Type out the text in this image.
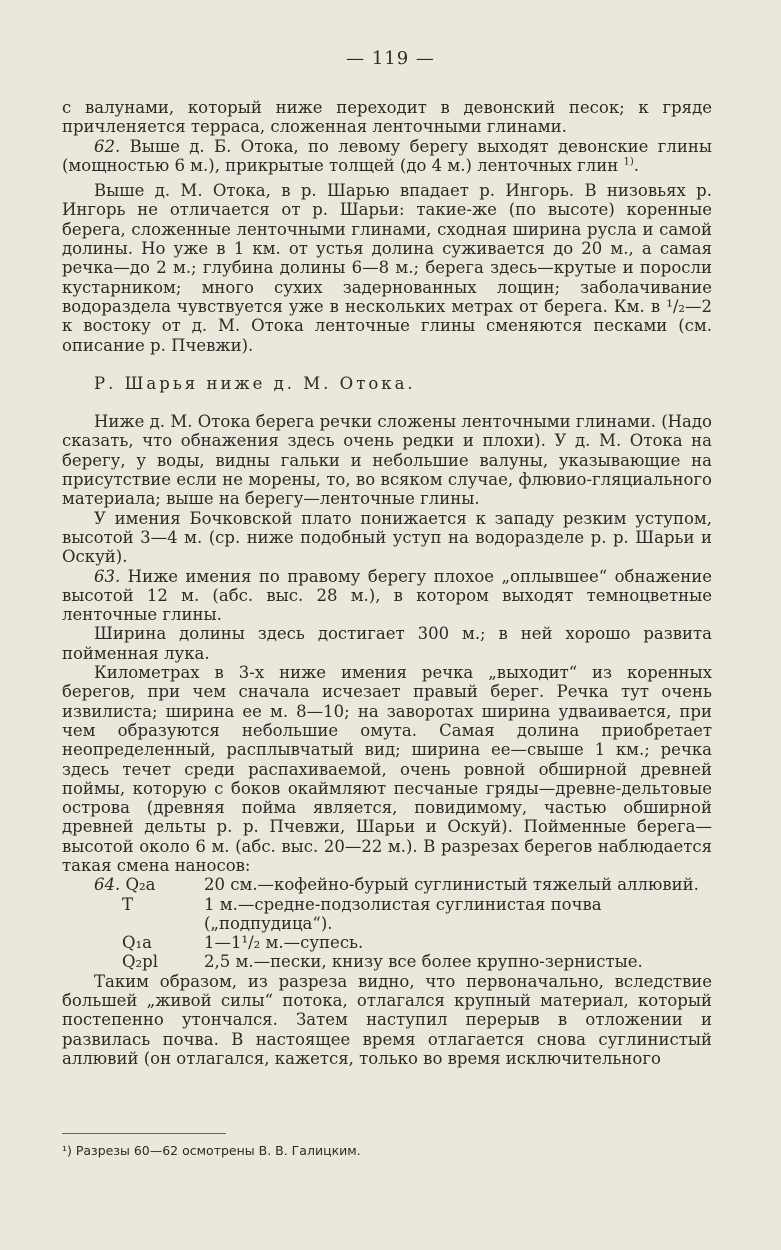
— 119 —

с валунами, который ниже переходит в девонский песок; к гряде причленяется терраса, сложенная ленточными глинами.

62. Выше д. Б. Отока, по левому берегу выходят девонские глины (мощностью 6 м.), прикрытые толщей (до 4 м.) ленточных глин $^{1)}$.

Выше д. М. Отока, в р. Шарью впадает р. Ингорь. В низовьях р. Ингорь не отличается от р. Шарьи: такие-же (по высоте) коренные берега, сложенные ленточными глинами, сходная ширина русла и самой долины. Но уже в 1 км. от устья долина суживается до 20 м., а самая речка—до 2 м.; глубина долины 6—8 м.; берега здесь—крутые и поросли кустарником; много сухих задернованных лощин; заболачивание водораздела чувствуется уже в нескольких метрах от берега. Км. в ¹/₂—2 к востоку от д. М. Отока ленточные глины сменяются песками (см. описание р. Пчевжи).

Р. Шарья ниже д. М. Отока.

Ниже д. М. Отока берега речки сложены ленточными глинами. (Надо сказать, что обнажения здесь очень редки и плохи). У д. М. Отока на берегу, у воды, видны гальки и небольшие валуны, указывающие на присутствие если не морены, то, во всяком случае, флювио-гляциального материала; выше на берегу—ленточные глины.

У имения Бочковской плато понижается к западу резким уступом, высотой 3—4 м. (ср. ниже подобный уступ на водоразделе р. р. Шарьи и Оскуй).

63. Ниже имения по правому берегу плохое „оплывшее“ обнажение высотой 12 м. (абс. выс. 28 м.), в котором выходят темноцветные ленточные глины.

Ширина долины здесь достигает 300 м.; в ней хорошо развита пойменная лука.

Километрах в 3-х ниже имения речка „выходит“ из коренных берегов, при чем сначала исчезает правый берег. Речка тут очень извилиста; ширина ее м. 8—10; на заворотах ширина удваивается, при чем образуются небольшие омута. Самая долина приобретает неопределенный, расплывчатый вид; ширина ее—свыше 1 км.; речка здесь течет среди распахиваемой, очень ровной обширной древней поймы, которую с боков окаймляют песчаные гряды—древне-дельтовые острова (древняя пойма является, повидимому, частью обширной древней дельты р. р. Пчевжи, Шарьи и Оскуй). Пойменные берега—высотой около 6 м. (абс. выс. 20—22 м.). В разрезах берегов наблюдается такая смена наносов:

64. Q₂a	20 см.—кофейно-бурый суглинистый тяжелый аллювий.
T	1 м.—средне-подзолистая суглинистая почва („подпудица“).
Q₁a	1—1¹/₂ м.—супесь.
Q₂pl	2,5 м.—пески, книзу все более крупно-зернистые.

Таким образом, из разреза видно, что первоначально, вследствие большей „живой силы“ потока, отлагался крупный материал, который постепенно утончался. Затем наступил перерыв в отложении и развилась почва. В настоящее время отлагается снова суглинистый аллювий (он отлагался, кажется, только во время исключительного

¹) Разрезы 60—62 осмотрены В. В. Галицким.
